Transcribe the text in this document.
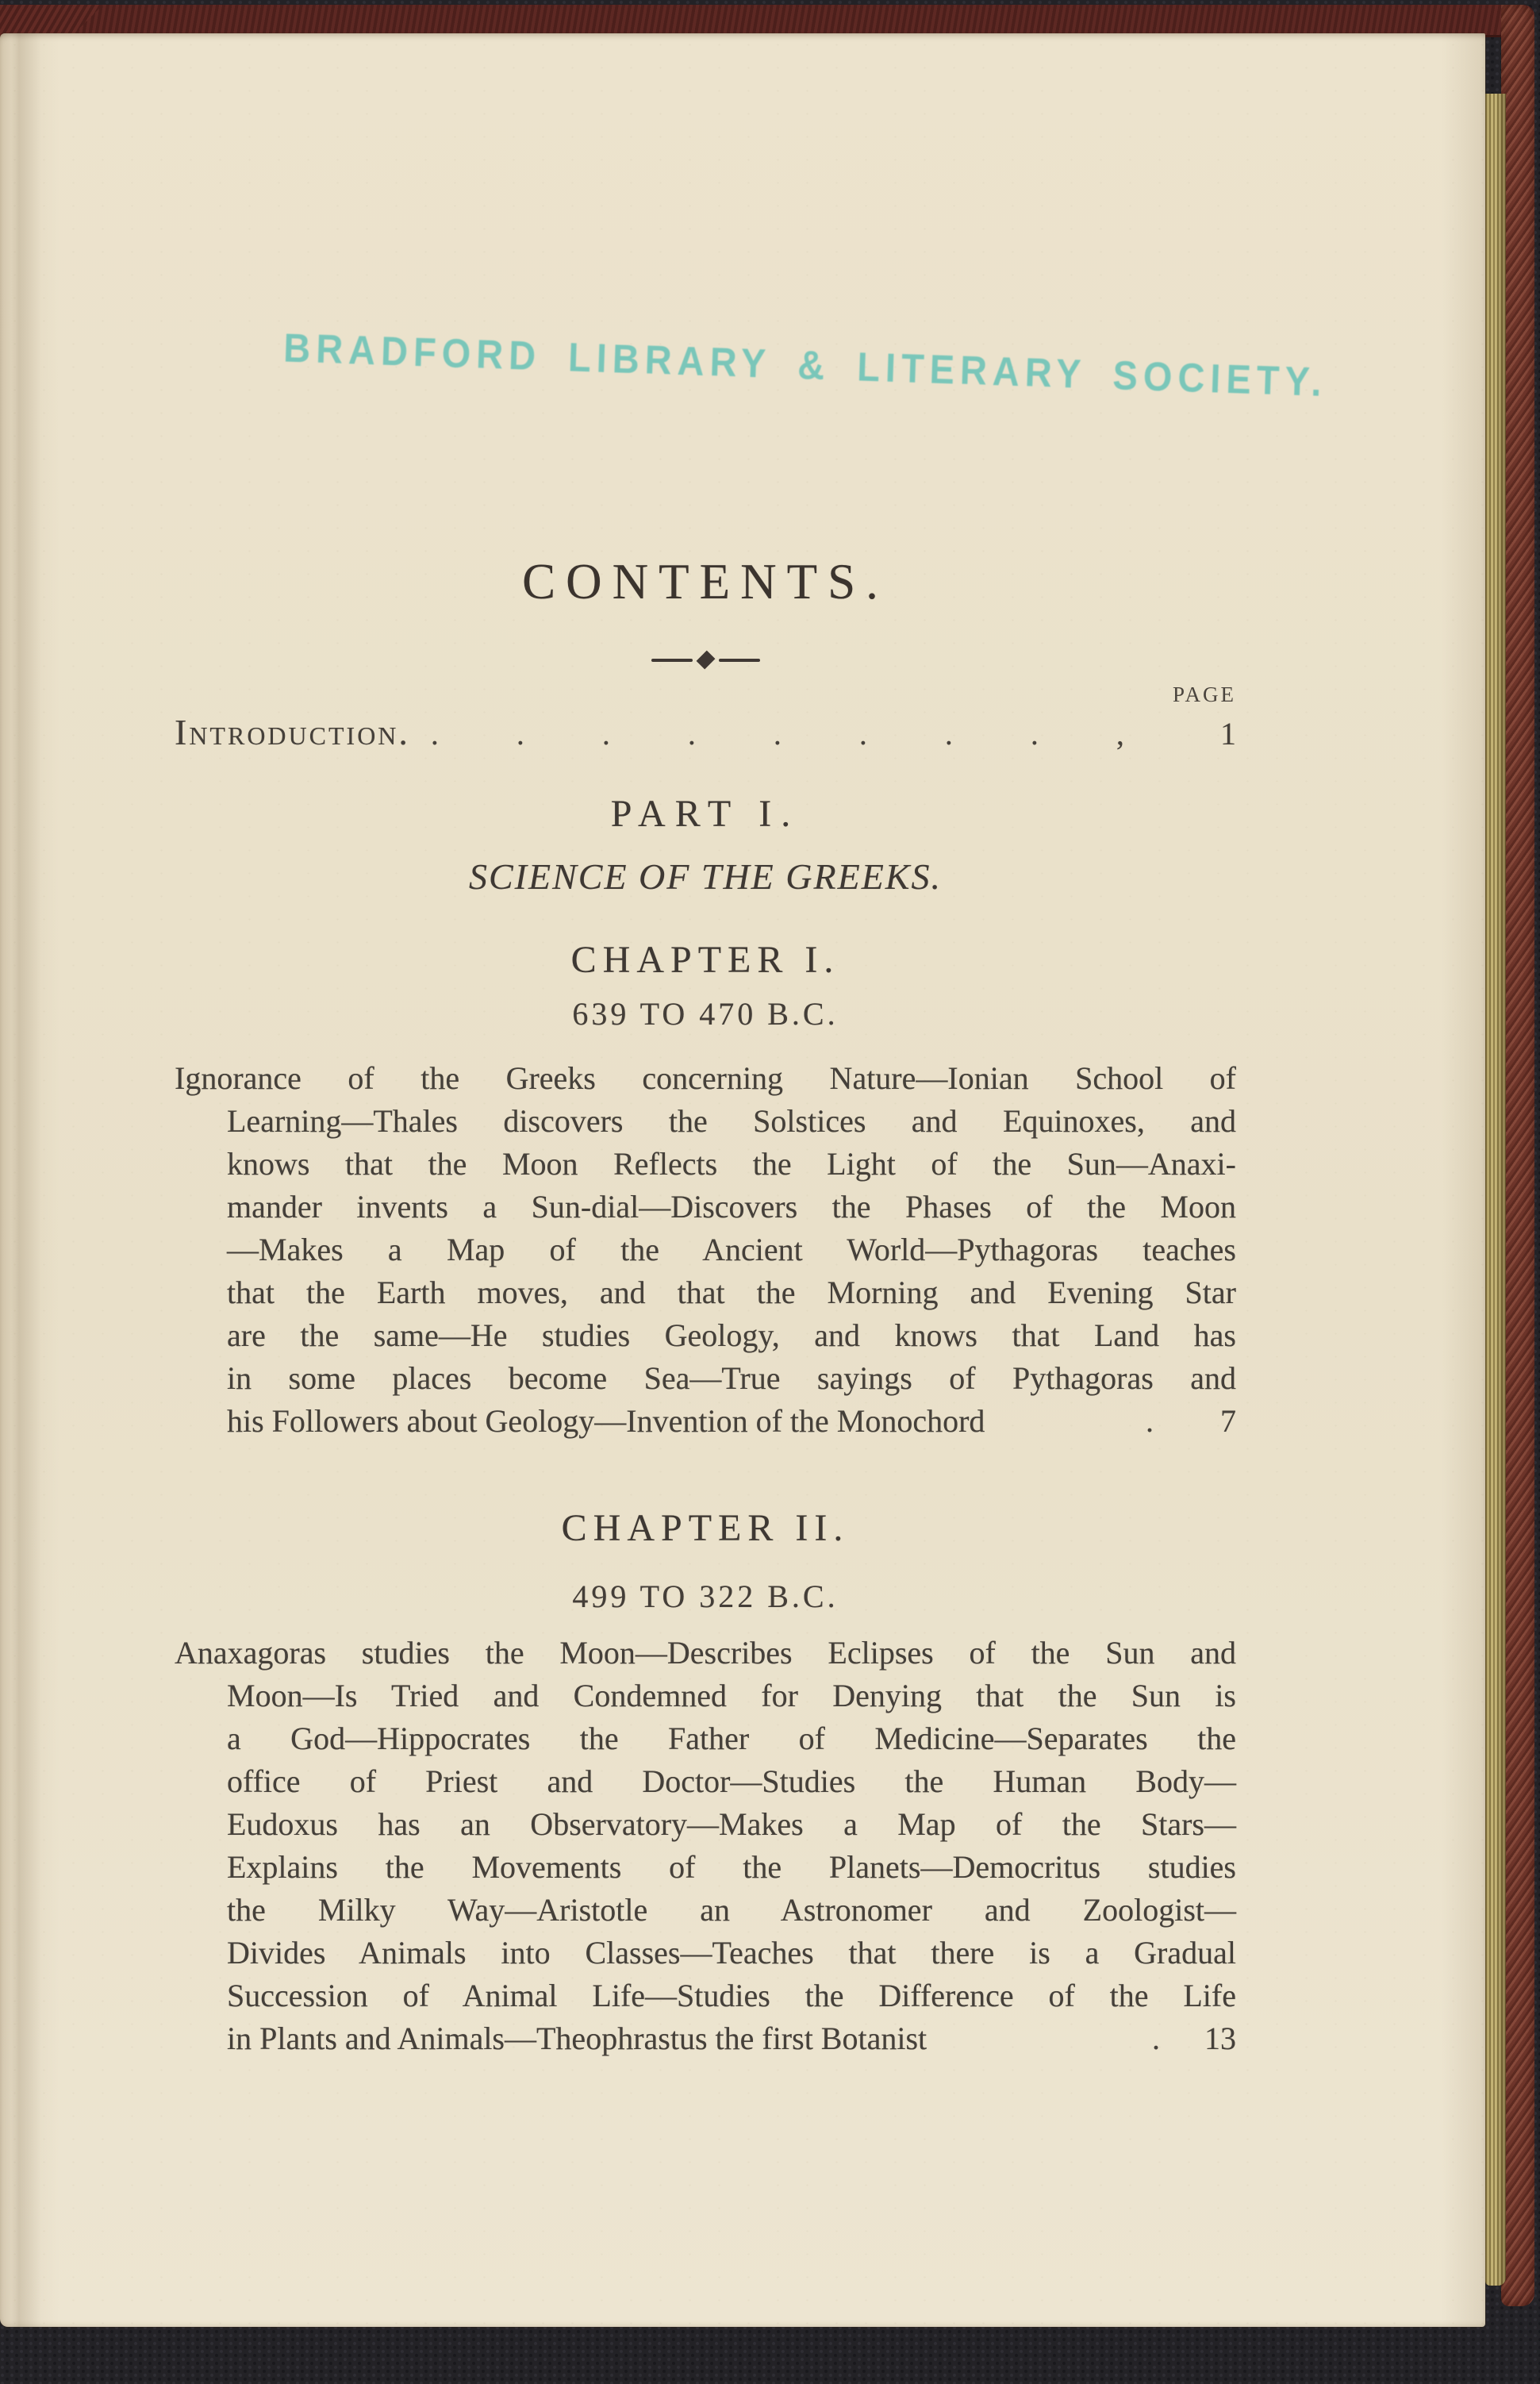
BRADFORD LIBRARY & LITERARY SOCIETY.
CONTENTS.
PAGE
Introduction. . . . . . . . . ,	1
PART I.
SCIENCE OF THE GREEKS.
CHAPTER I.
639 TO 470 B.C.
Ignorance of the Greeks concerning Nature—Ionian School of
Learning—Thales discovers the Solstices and Equinoxes, and
knows that the Moon Reflects the Light of the Sun—Anaxi-
mander invents a Sun-dial—Discovers the Phases of the Moon
—Makes a Map of the Ancient World—Pythagoras teaches
that the Earth moves, and that the Morning and Evening Star
are the same—He studies Geology, and knows that Land has
in some places become Sea—True sayings of Pythagoras and
his Followers about Geology—Invention of the Monochord	. 7
CHAPTER II.
499 TO 322 B.C.
Anaxagoras studies the Moon—Describes Eclipses of the Sun and
Moon—Is Tried and Condemned for Denying that the Sun is
a God—Hippocrates the Father of Medicine—Separates the
office of Priest and Doctor—Studies the Human Body—
Eudoxus has an Observatory—Makes a Map of the Stars—
Explains the Movements of the Planets—Democritus studies
the Milky Way—Aristotle an Astronomer and Zoologist—
Divides Animals into Classes—Teaches that there is a Gradual
Succession of Animal Life—Studies the Difference of the Life
in Plants and Animals—Theophrastus the first Botanist	. 13
